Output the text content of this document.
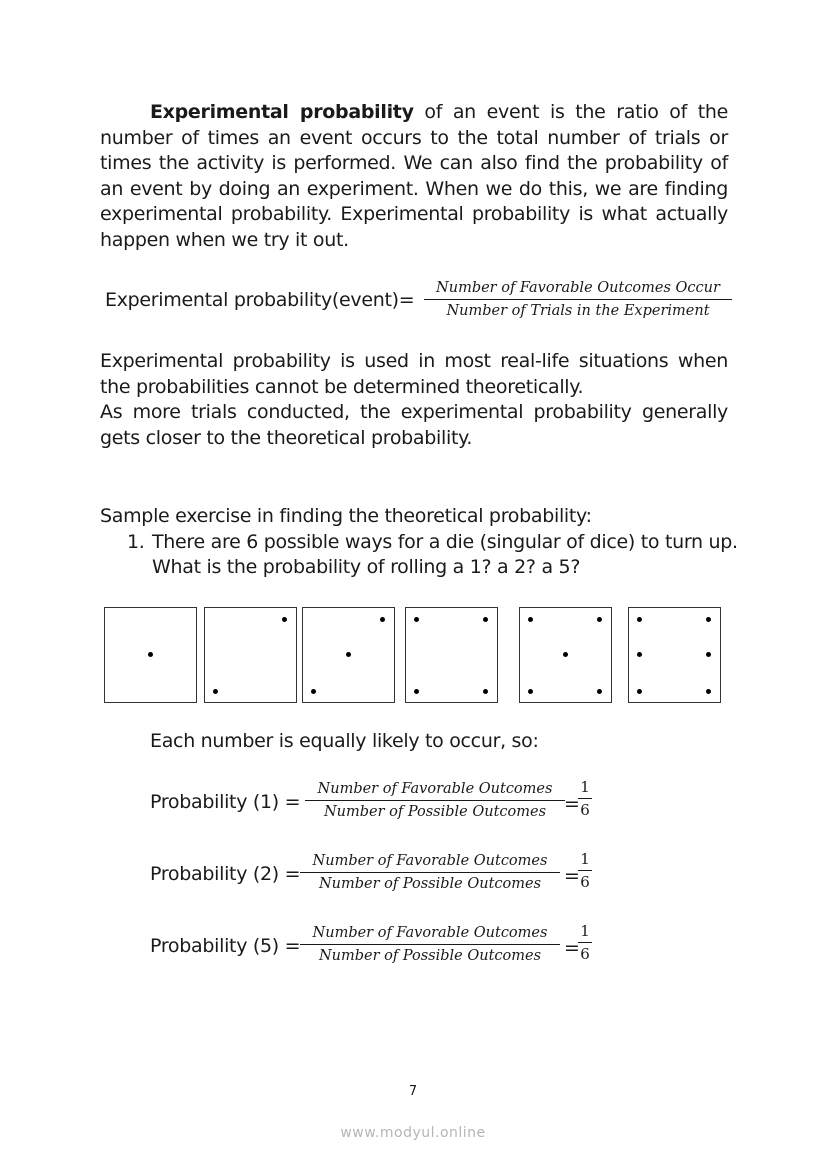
Experimental probability of an event is the ratio of the number of times an event occurs to the total number of trials or times the activity is performed. We can also find the probability of an event by doing an experiment. When we do this, we are finding experimental probability. Experimental probability is what actually happen when we try it out.
Experimental probability(event)=
Number of Favorable Outcomes Occur
Number of Trials in the Experiment
Experimental probability is used in most real-life situations when the probabilities cannot be determined theoretically.
As more trials conducted, the experimental probability generally gets closer to the theoretical probability.
Sample exercise in finding the theoretical probability:
1. There are 6 possible ways for a die (singular of dice) to turn up.
What is the probability of rolling a 1? a 2? a 5?
Each number is equally likely to occur, so:
Probability (1) =
Number of Favorable Outcomes
Number of Possible Outcomes =
$\frac{1}{6}$
Probability (2) =
Number of Favorable Outcomes
Number of Possible Outcomes	=
$\frac{1}{6}$
Probability (5) =
Number of Favorable Outcomes
Number of Possible Outcomes	=
$\frac{1}{6}$
7
www.modyul.online
